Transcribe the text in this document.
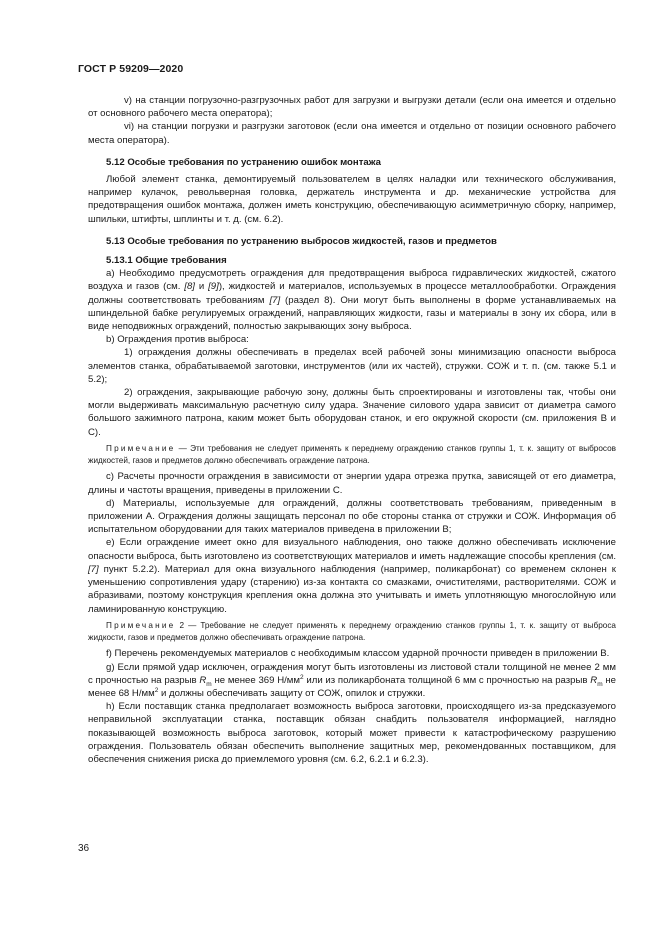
ГОСТ Р 59209—2020

v) на станции погрузочно-разгрузочных работ для загрузки и выгрузки детали (если она имеется и отдельно от основного рабочего места оператора);

vi) на станции погрузки и разгрузки заготовок (если она имеется и отдельно от позиции основного рабочего места оператора).

5.12 Особые требования по устранению ошибок монтажа

Любой элемент станка, демонтируемый пользователем в целях наладки или технического обслуживания, например кулачок, револьверная головка, держатель инструмента и др. механические устройства для предотвращения ошибок монтажа, должен иметь конструкцию, обеспечивающую асимметричную сборку, например, шпильки, штифты, шплинты и т. д. (см. 6.2).

5.13 Особые требования по устранению выбросов жидкостей, газов и предметов

5.13.1 Общие требования

а) Необходимо предусмотреть ограждения для предотвращения выброса гидравлических жидкостей, сжатого воздуха и газов (см. [8] и [9]), жидкостей и материалов, используемых в процессе металлообработки. Ограждения должны соответствовать требованиям [7] (раздел 8). Они могут быть выполнены в форме устанавливаемых на шпиндельной бабке регулируемых ограждений, направляющих жидкости, газы и материалы в зону их сбора, или в виде неподвижных ограждений, полностью закрывающих зону выброса.

b) Ограждения против выброса:

1) ограждения должны обеспечивать в пределах всей рабочей зоны минимизацию опасности выброса элементов станка, обрабатываемой заготовки, инструментов (или их частей), стружки. СОЖ и т. п. (см. также 5.1 и 5.2);

2) ограждения, закрывающие рабочую зону, должны быть спроектированы и изготовлены так, чтобы они могли выдерживать максимальную расчетную силу удара. Значение силового удара зависит от диаметра самого большого зажимного патрона, каким может быть оборудован станок, и его окружной скорости (см. приложения В и С).

Примечание — Эти требования не следует применять к переднему ограждению станков группы 1, т. к. защиту от выбросов жидкостей, газов и предметов должно обеспечивать ограждение патрона.

с) Расчеты прочности ограждения в зависимости от энергии удара отрезка прутка, зависящей от его диаметра, длины и частоты вращения, приведены в приложении С.

d) Материалы, используемые для ограждений, должны соответствовать требованиям, приведенным в приложении А. Ограждения должны защищать персонал по обе стороны станка от стружки и СОЖ. Информация об испытательном оборудовании для таких материалов приведена в приложении В;

е) Если ограждение имеет окно для визуального наблюдения, оно также должно обеспечивать исключение опасности выброса, быть изготовлено из соответствующих материалов и иметь надлежащие способы крепления (см. [7] пункт 5.2.2). Материал для окна визуального наблюдения (например, поликарбонат) со временем склонен к уменьшению сопротивления удару (старению) из-за контакта со смазками, очистителями, растворителями. СОЖ и абразивами, поэтому конструкция крепления окна должна это учитывать и иметь уплотняющую многослойную или ламинированную конструкцию.

Примечание 2 — Требование не следует применять к переднему ограждению станков группы 1, т. к. защиту от выброса жидкости, газов и предметов должно обеспечивать ограждение патрона.

f) Перечень рекомендуемых материалов с необходимым классом ударной прочности приведен в приложении В.

g) Если прямой удар исключен, ограждения могут быть изготовлены из листовой стали толщиной не менее 2 мм с прочностью на разрыв $R_m$ не менее 369 $Н/мм^2$ или из поликарбоната толщиной 6 мм с прочностью на разрыв $R_m$ не менее 68 $Н/мм^2$ и должны обеспечивать защиту от СОЖ, опилок и стружки.

h) Если поставщик станка предполагает возможность выброса заготовки, происходящего из-за предсказуемого неправильной эксплуатации станка, поставщик обязан снабдить пользователя информацией, наглядно показывающей возможность выброса заготовок, который может привести к катастрофическому разрушению ограждения. Пользователь обязан обеспечить выполнение защитных мер, рекомендованных поставщиком, для обеспечения снижения риска до приемлемого уровня (см. 6.2, 6.2.1 и 6.2.3).

36
